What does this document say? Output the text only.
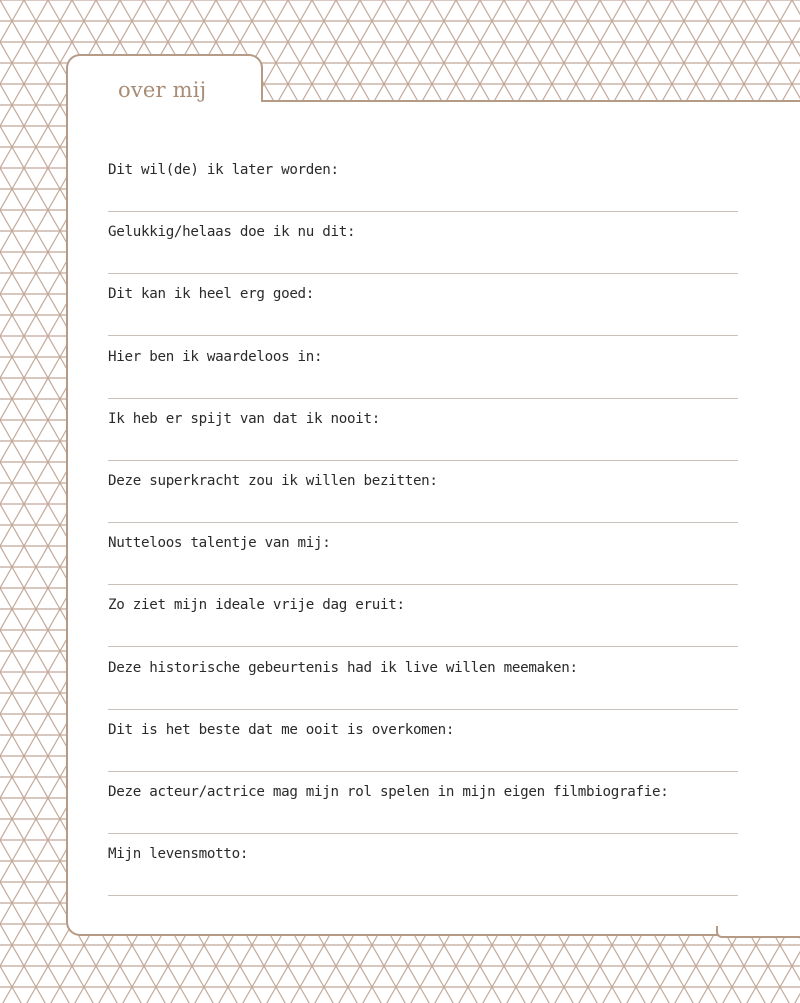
over mij
Dit wil(de) ik later worden:
Gelukkig/helaas doe ik nu dit:
Dit kan ik heel erg goed:
Hier ben ik waardeloos in:
Ik heb er spijt van dat ik nooit:
Deze superkracht zou ik willen bezitten:
Nutteloos talentje van mij:
Zo ziet mijn ideale vrije dag eruit:
Deze historische gebeurtenis had ik live willen meemaken:
Dit is het beste dat me ooit is overkomen:
Deze acteur/actrice mag mijn rol spelen in mijn eigen filmbiografie:
Mijn levensmotto:
